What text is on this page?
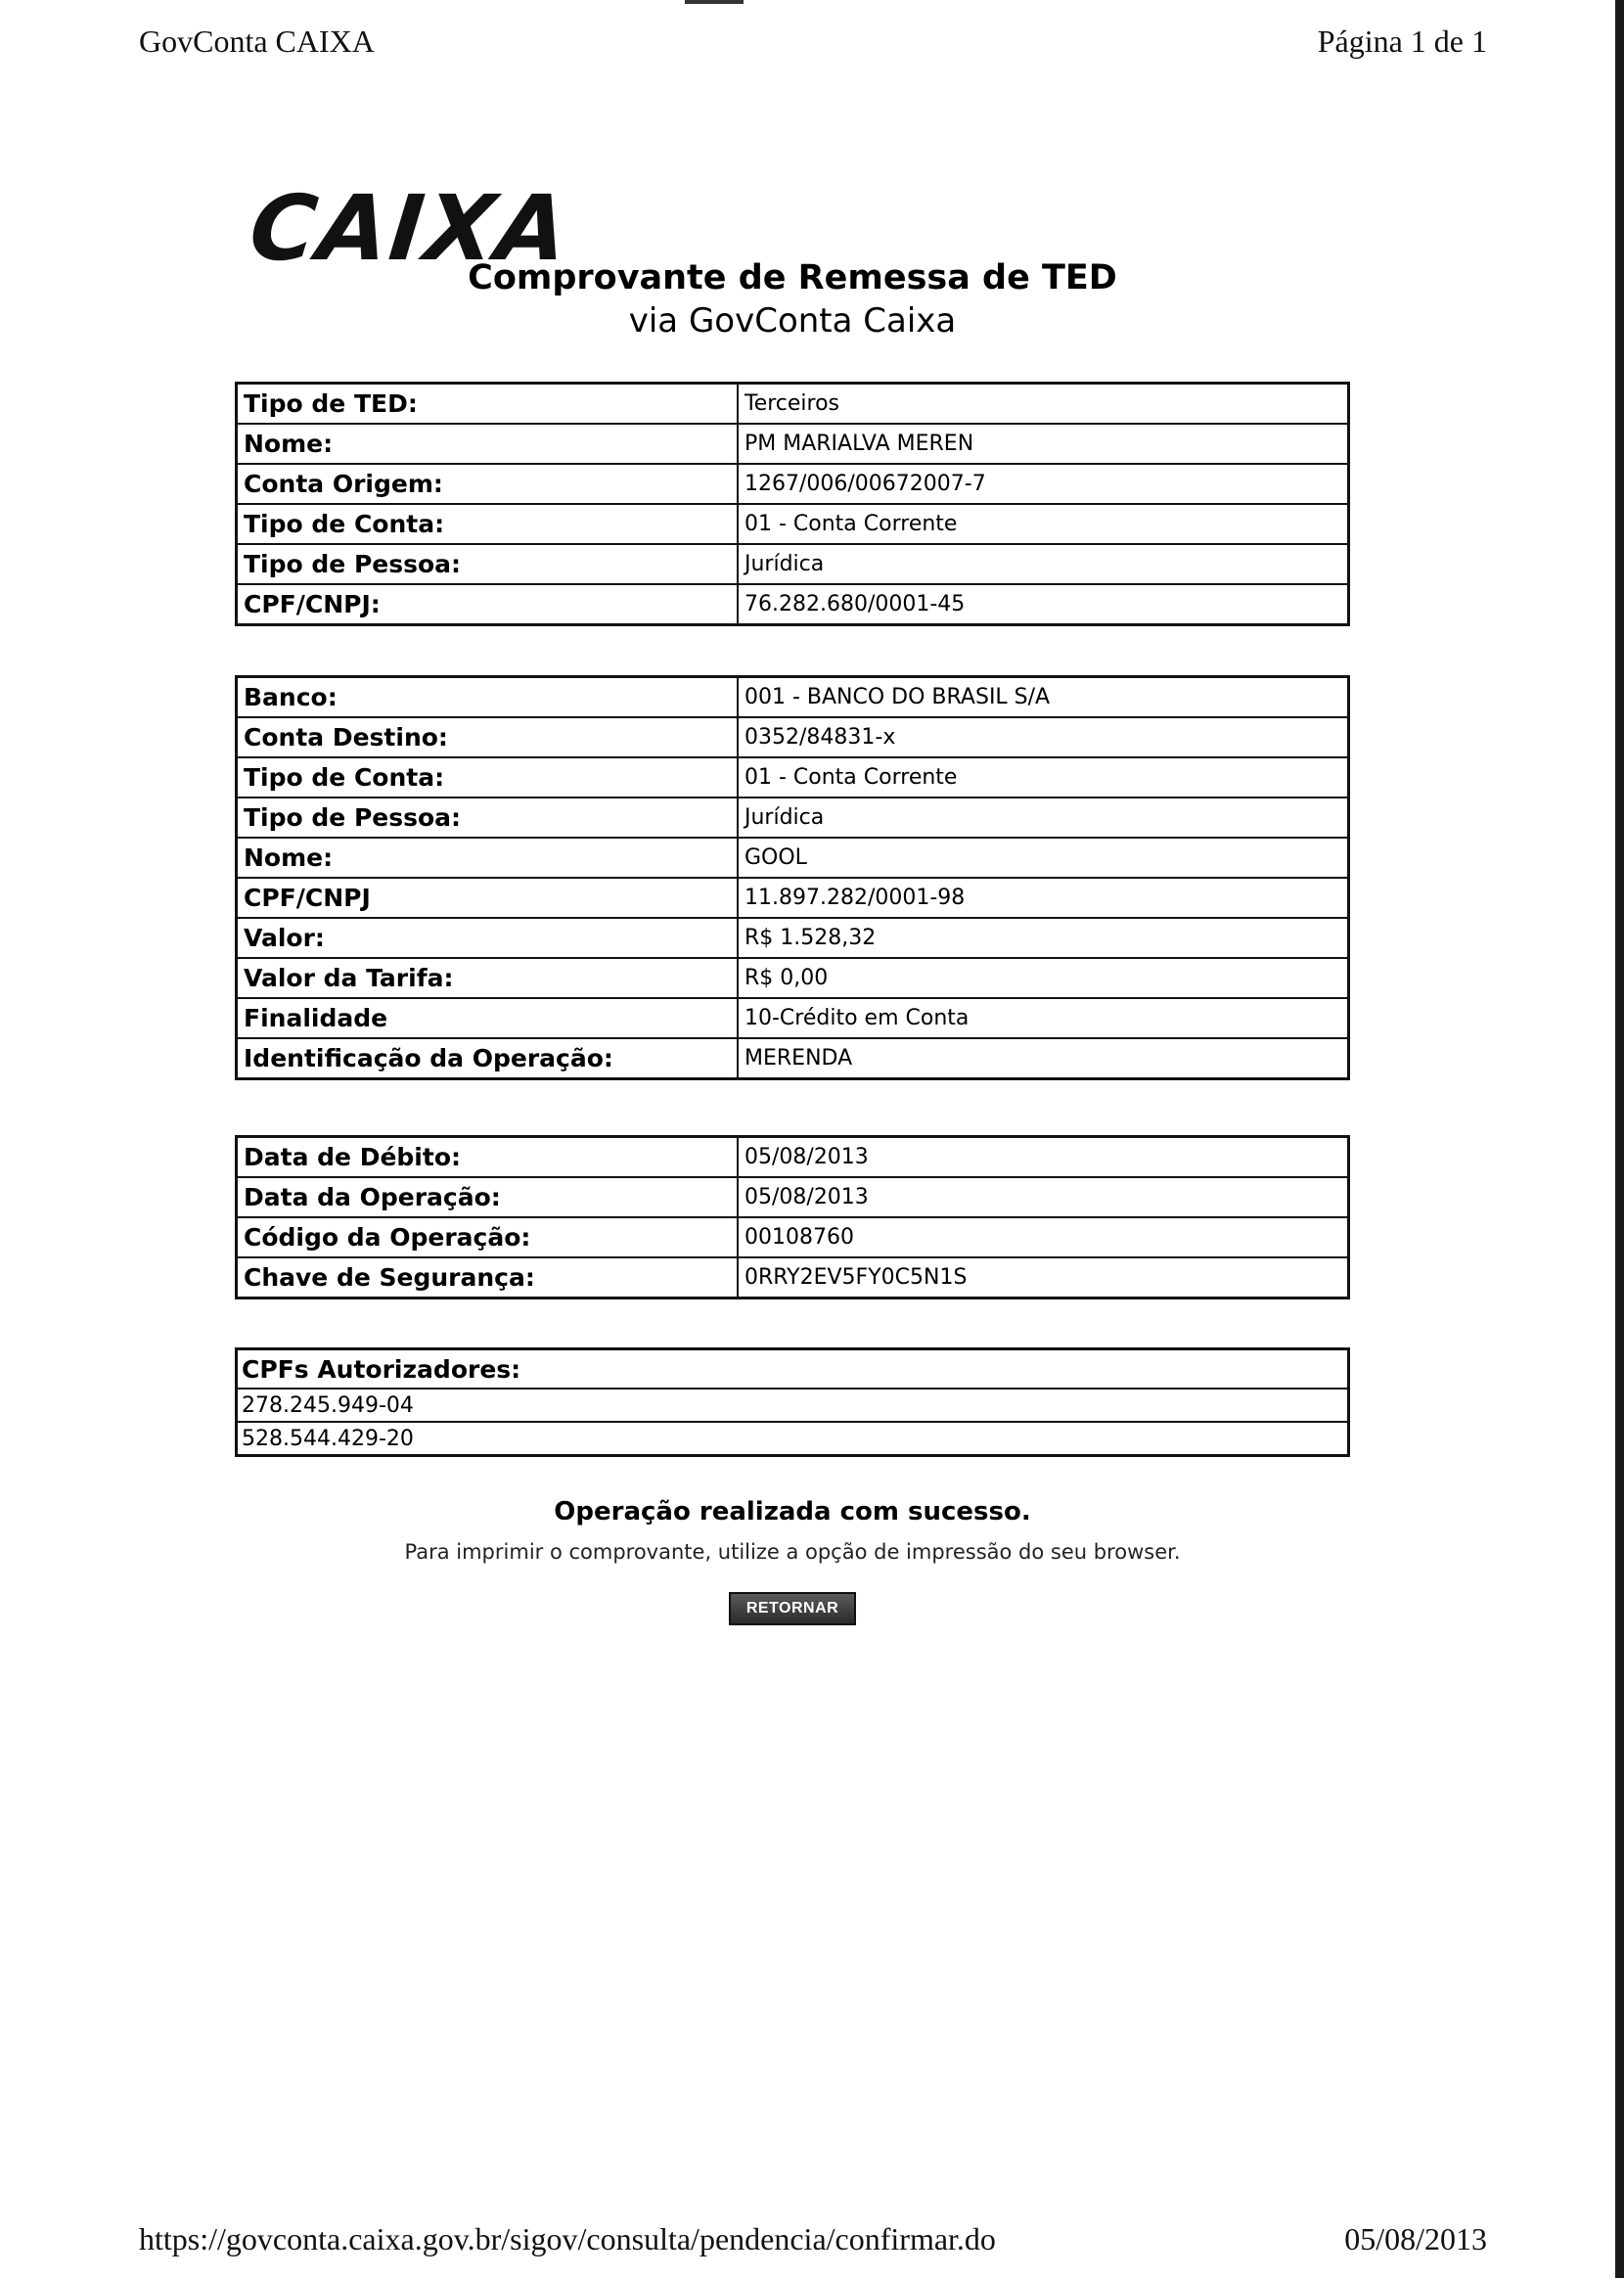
GovConta CAIXA	Página 1 de 1
CAIXA
Comprovante de Remessa de TED
via GovConta Caixa
Tipo de TED:	Terceiros
Nome:	PM MARIALVA MEREN
Conta Origem:	1267/006/00672007-7
Tipo de Conta:	01 - Conta Corrente
Tipo de Pessoa:	Jurídica
CPF/CNPJ:	76.282.680/0001-45
Banco:	001 - BANCO DO BRASIL S/A
Conta Destino:	0352/84831-x
Tipo de Conta:	01 - Conta Corrente
Tipo de Pessoa:	Jurídica
Nome:	GOOL
CPF/CNPJ	11.897.282/0001-98
Valor:	R$ 1.528,32
Valor da Tarifa:	R$ 0,00
Finalidade	10-Crédito em Conta
Identificação da Operação:	MERENDA
Data de Débito:	05/08/2013
Data da Operação:	05/08/2013
Código da Operação:	00108760
Chave de Segurança:	0RRY2EV5FY0C5N1S
CPFs Autorizadores:
278.245.949-04
528.544.429-20
Operação realizada com sucesso.
Para imprimir o comprovante, utilize a opção de impressão do seu browser.
RETORNAR
https://govconta.caixa.gov.br/sigov/consulta/pendencia/confirmar.do	05/08/2013
